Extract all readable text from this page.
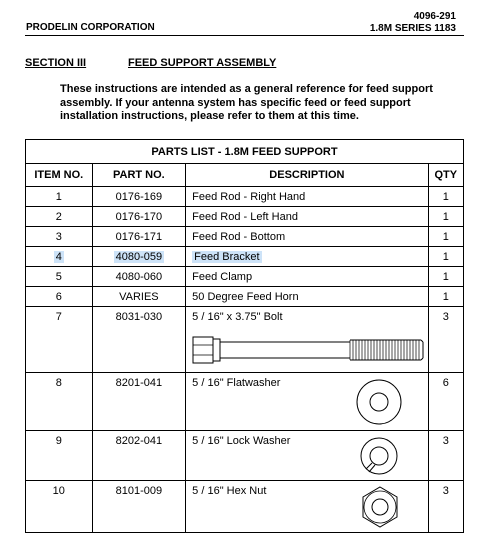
PRODELIN CORPORATION
4096-291
1.8M SERIES 1183
SECTION III	FEED SUPPORT ASSEMBLY

These instructions are intended as a general reference for feed support assembly. If your antenna system has specific feed or feed support installation instructions, please refer to them at this time.

PARTS LIST - 1.8M FEED SUPPORT			
ITEM NO.	PART NO.	DESCRIPTION	QTY
1	0176-169	Feed Rod - Right Hand	1
2	0176-170	Feed Rod - Left Hand	1
3	0176-171	Feed Rod - Bottom	1
4	4080-059	Feed Bracket	1
5	4080-060	Feed Clamp	1
6	VARIES	50 Degree Feed Horn	1
7	8031-030	5 / 16" x 3.75" Bolt	3
8	8201-041	5 / 16" Flatwasher	6
9	8202-041	5 / 16" Lock Washer	3
10	8101-009	5 / 16" Hex Nut	3
